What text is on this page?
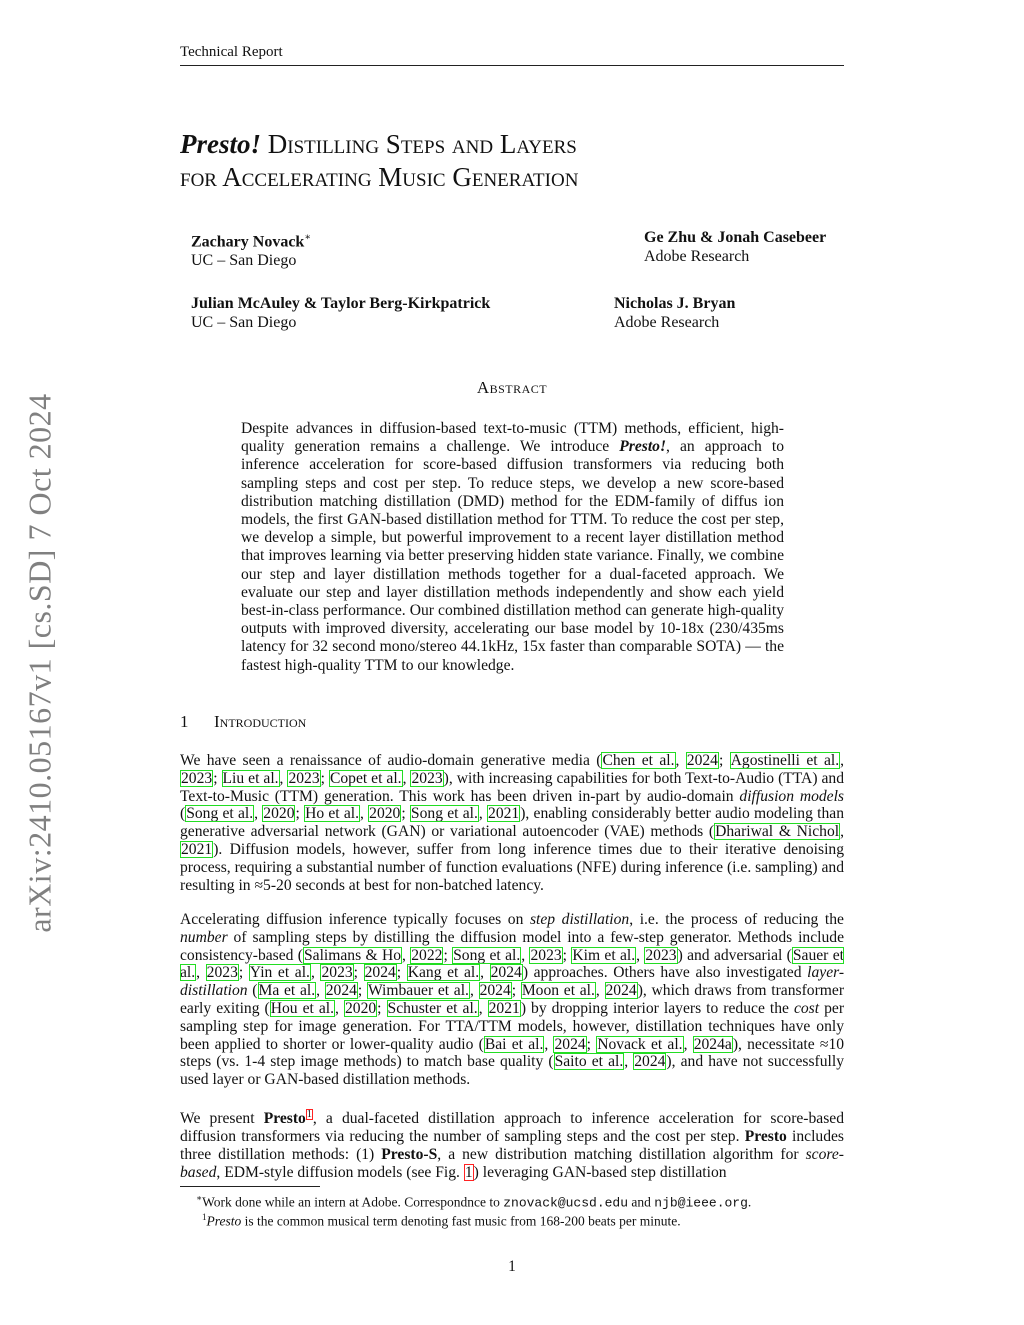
Technical Report
arXiv:2410.05167v1 [cs.SD] 7 Oct 2024
Presto! Distilling Steps and Layers
for Accelerating Music Generation
Zachary Novack∗
UC – San Diego
Ge Zhu & Jonah Casebeer
Adobe Research
Julian McAuley & Taylor Berg-Kirkpatrick
UC – San Diego
Nicholas J. Bryan
Adobe Research
Abstract
Despite advances in diffusion-based text-to-music (TTM) methods, efficient, high-quality generation remains a challenge. We introduce Presto!, an approach to inference acceleration for score-based diffusion transformers via reducing both sampling steps and cost per step. To reduce steps, we develop a new score-based distribution matching distillation (DMD) method for the EDM-family of diffus ion models, the first GAN-based distillation method for TTM. To reduce the cost per step, we develop a simple, but powerful improvement to a recent layer distillation method that improves learning via better preserving hidden state variance. Finally, we combine our step and layer distillation methods together for a dual-faceted approach. We evaluate our step and layer distillation methods independently and show each yield best-in-class performance. Our combined distillation method can generate high-quality outputs with improved diversity, accelerating our base model by 10-18x (230/435ms latency for 32 second mono/stereo 44.1kHz, 15x faster than comparable SOTA) — the fastest high-quality TTM to our knowledge.
1 Introduction

We have seen a renaissance of audio-domain generative media (Chen et al., 2024; Agostinelli et al., 2023; Liu et al., 2023; Copet et al., 2023), with increasing capabilities for both Text-to-Audio (TTA) and Text-to-Music (TTM) generation. This work has been driven in-part by audio-domain diffusion models (Song et al., 2020; Ho et al., 2020; Song et al., 2021), enabling considerably better audio modeling than generative adversarial network (GAN) or variational autoencoder (VAE) methods (Dhariwal & Nichol, 2021). Diffusion models, however, suffer from long inference times due to their iterative denoising process, requiring a substantial number of function evaluations (NFE) during inference (i.e. sampling) and resulting in ≈5-20 seconds at best for non-batched latency.

Accelerating diffusion inference typically focuses on step distillation, i.e. the process of reducing the number of sampling steps by distilling the diffusion model into a few-step generator. Methods include consistency-based (Salimans & Ho, 2022; Song et al., 2023; Kim et al., 2023) and adversarial (Sauer et al., 2023; Yin et al., 2023; 2024; Kang et al., 2024) approaches. Others have also investigated layer-distillation (Ma et al., 2024; Wimbauer et al., 2024; Moon et al., 2024), which draws from transformer early exiting (Hou et al., 2020; Schuster et al., 2021) by dropping interior layers to reduce the cost per sampling step for image generation. For TTA/TTM models, however, distillation techniques have only been applied to shorter or lower-quality audio (Bai et al., 2024; Novack et al., 2024a), necessitate ≈10 steps (vs. 1-4 step image methods) to match base quality (Saito et al., 2024), and have not successfully used layer or GAN-based distillation methods.

We present Presto$^1$, a dual-faceted distillation approach to inference acceleration for score-based diffusion transformers via reducing the number of sampling steps and the cost per step. Presto includes three distillation methods: (1) Presto-S, a new distribution matching distillation algorithm for score-based, EDM-style diffusion models (see Fig. 1) leveraging GAN-based step distillation

∗Work done while an intern at Adobe. Correspondnce to znovack@ucsd.edu and njb@ieee.org.
$^1$Presto is the common musical term denoting fast music from 168-200 beats per minute.
1
